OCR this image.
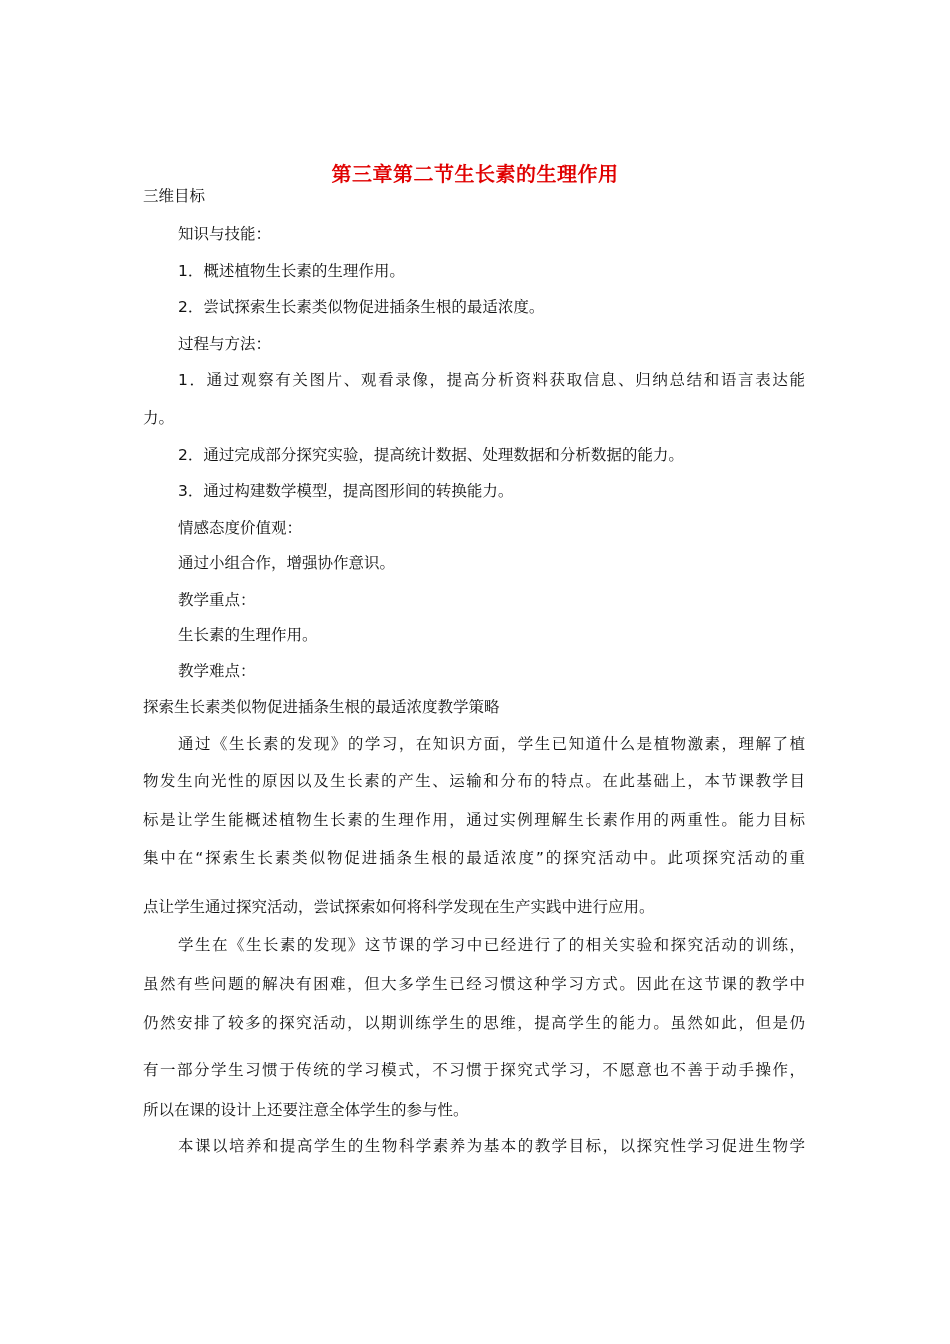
第三章第二节生长素的生理作用
三维目标
知识与技能：
1．概述植物生长素的生理作用。
2．尝试探索生长素类似物促进插条生根的最适浓度。
过程与方法：
1．通过观察有关图片、观看录像，提高分析资料获取信息、归纳总结和语言表达能
力。
2．通过完成部分探究实验，提高统计数据、处理数据和分析数据的能力。
3．通过构建数学模型，提高图形间的转换能力。
情感态度价值观：
通过小组合作，增强协作意识。
教学重点：
生长素的生理作用。
教学难点：
探索生长素类似物促进插条生根的最适浓度教学策略
通过《生长素的发现》的学习，在知识方面，学生已知道什么是植物激素，理解了植
物发生向光性的原因以及生长素的产生、运输和分布的特点。在此基础上，本节课教学目
标是让学生能概述植物生长素的生理作用，通过实例理解生长素作用的两重性。能力目标
集中在“探索生长素类似物促进插条生根的最适浓度”的探究活动中。此项探究活动的重
点让学生通过探究活动，尝试探索如何将科学发现在生产实践中进行应用。
学生在《生长素的发现》这节课的学习中已经进行了的相关实验和探究活动的训练，
虽然有些问题的解决有困难，但大多学生已经习惯这种学习方式。因此在这节课的教学中
仍然安排了较多的探究活动，以期训练学生的思维，提高学生的能力。虽然如此，但是仍
有一部分学生习惯于传统的学习模式，不习惯于探究式学习，不愿意也不善于动手操作，
所以在课的设计上还要注意全体学生的参与性。
本课以培养和提高学生的生物科学素养为基本的教学目标，以探究性学习促进生物学
